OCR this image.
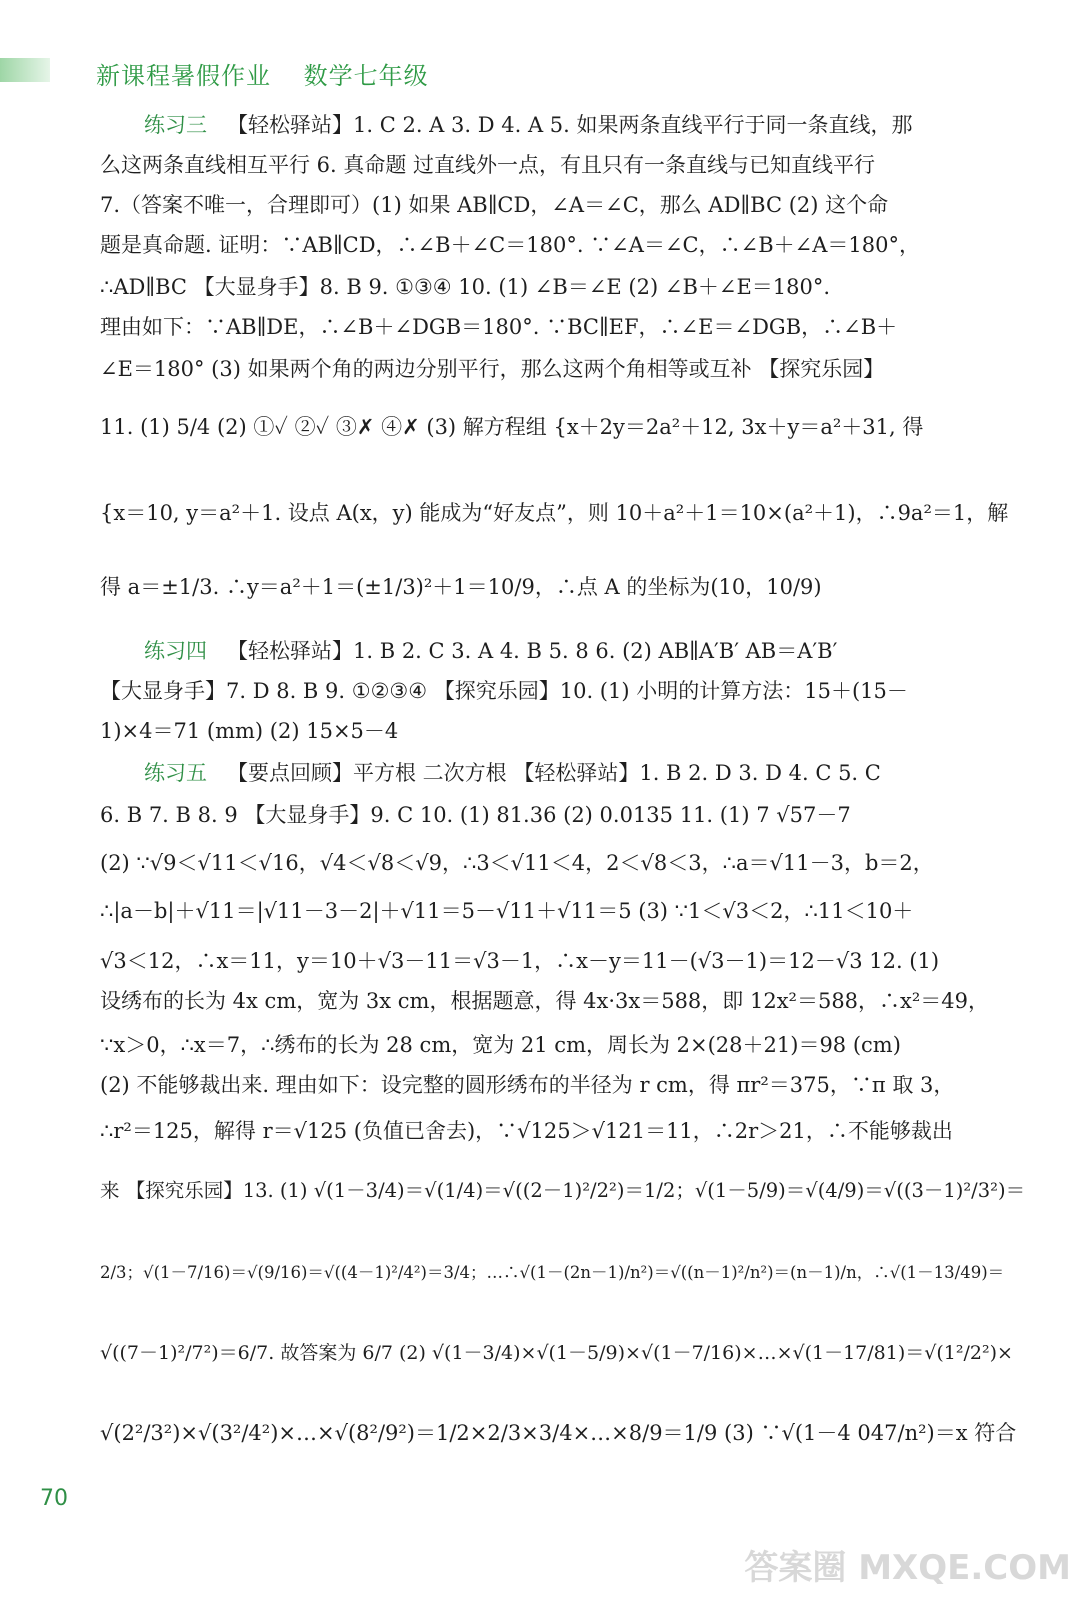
新课程暑假作业 数学七年级
练习三 【轻松驿站】1. C 2. A 3. D 4. A 5. 如果两条直线平行于同一条直线，那
么这两条直线相互平行 6. 真命题 过直线外一点，有且只有一条直线与已知直线平行
7.（答案不唯一，合理即可）(1) 如果 AB∥CD，∠A＝∠C，那么 AD∥BC (2) 这个命
题是真命题. 证明：∵AB∥CD，∴∠B＋∠C＝180°. ∵∠A＝∠C，∴∠B＋∠A＝180°，
∴AD∥BC 【大显身手】8. B 9. ①③④ 10. (1) ∠B＝∠E (2) ∠B＋∠E＝180°.
理由如下：∵AB∥DE，∴∠B＋∠DGB＝180°. ∵BC∥EF，∴∠E＝∠DGB，∴∠B＋
∠E＝180° (3) 如果两个角的两边分别平行，那么这两个角相等或互补 【探究乐园】
11. (1) 5/4 (2) ①✓ ②✓ ③✗ ④✗ (3) 解方程组 {x＋2y＝2a²＋12, 3x＋y＝a²＋31, 得
{x＝10, y＝a²＋1. 设点 A(x，y) 能成为“好友点”，则 10＋a²＋1＝10×(a²＋1)，∴9a²＝1，解
得 a＝±1/3. ∴y＝a²＋1＝(±1/3)²＋1＝10/9，∴点 A 的坐标为(10，10/9)
练习四 【轻松驿站】1. B 2. C 3. A 4. B 5. 8 6. (2) AB∥A′B′ AB＝A′B′
【大显身手】7. D 8. B 9. ①②③④ 【探究乐园】10. (1) 小明的计算方法：15＋(15－
1)×4＝71 (mm) (2) 15×5－4
练习五 【要点回顾】平方根 二次方根 【轻松驿站】1. B 2. D 3. D 4. C 5. C
6. B 7. B 8. 9 【大显身手】9. C 10. (1) 81.36 (2) 0.0135 11. (1) 7 √57－7
(2) ∵√9＜√11＜√16，√4＜√8＜√9，∴3＜√11＜4，2＜√8＜3，∴a＝√11－3，b＝2，
∴|a－b|＋√11＝|√11－3－2|＋√11＝5－√11＋√11＝5 (3) ∵1＜√3＜2，∴11＜10＋
√3＜12，∴x＝11，y＝10＋√3－11＝√3－1，∴x－y＝11－(√3－1)＝12－√3 12. (1)
设绣布的长为 4x cm，宽为 3x cm，根据题意，得 4x·3x＝588，即 12x²＝588，∴x²＝49，
∵x＞0，∴x＝7，∴绣布的长为 28 cm，宽为 21 cm，周长为 2×(28＋21)＝98 (cm)
(2) 不能够裁出来. 理由如下：设完整的圆形绣布的半径为 r cm，得 πr²＝375，∵π 取 3，
∴r²＝125，解得 r＝√125 (负值已舍去)，∵√125＞√121＝11，∴2r＞21，∴不能够裁出
来 【探究乐园】13. (1) √(1－3/4)＝√(1/4)＝√((2－1)²/2²)＝1/2；√(1－5/9)＝√(4/9)＝√((3－1)²/3²)＝
2/3；√(1－7/16)＝√(9/16)＝√((4－1)²/4²)＝3/4；…∴√(1－(2n－1)/n²)＝√((n－1)²/n²)＝(n－1)/n，∴√(1－13/49)＝
√((7－1)²/7²)＝6/7. 故答案为 6/7 (2) √(1－3/4)×√(1－5/9)×√(1－7/16)×…×√(1－17/81)＝√(1²/2²)×
√(2²/3²)×√(3²/4²)×…×√(8²/9²)＝1/2×2/3×3/4×…×8/9＝1/9 (3) ∵√(1－4 047/n²)＝x 符合
70
答案圈 MXQE.COM
